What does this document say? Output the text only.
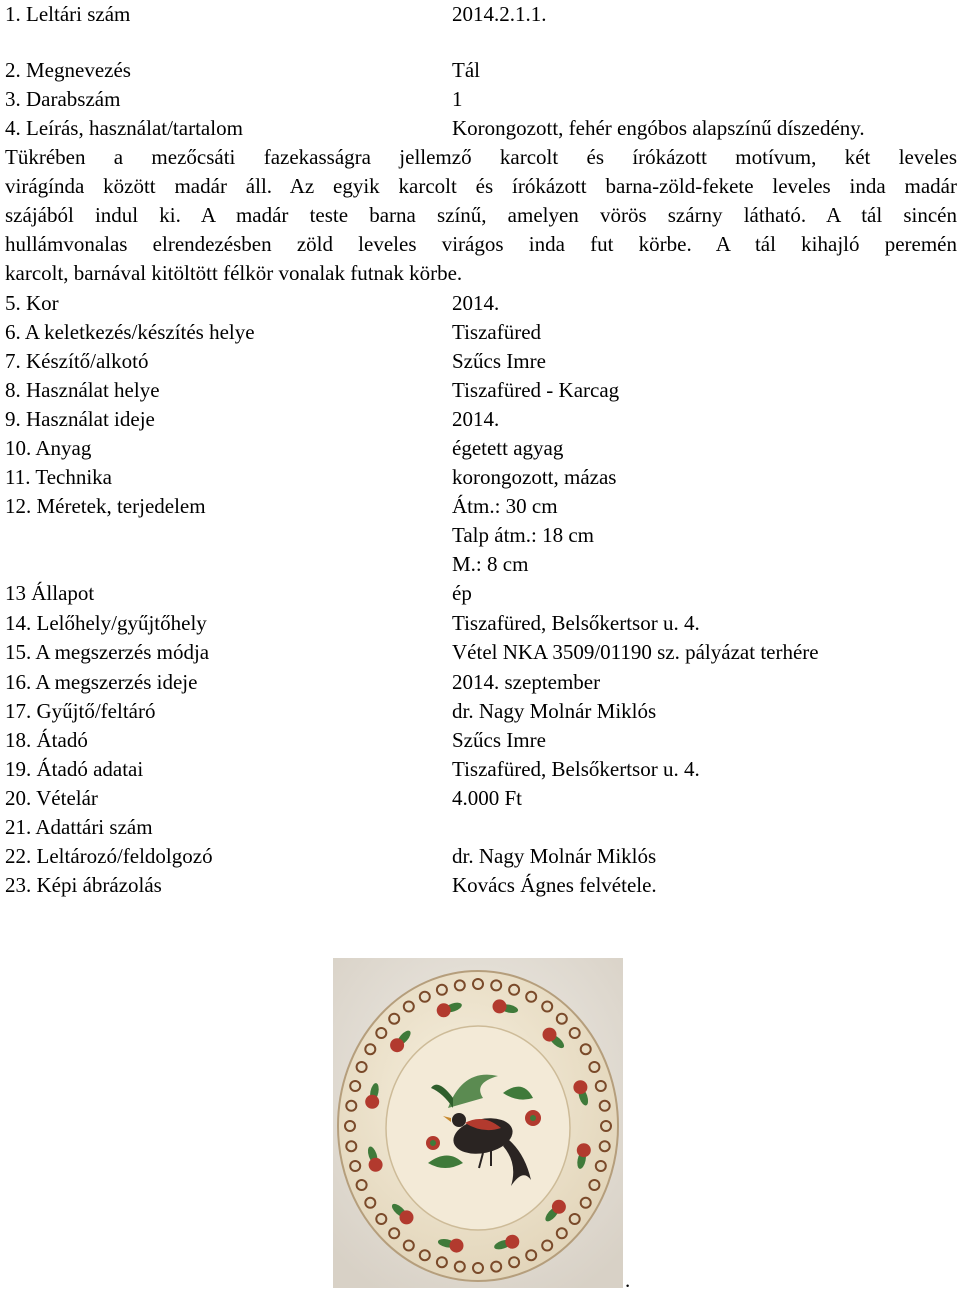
1. Leltári szám	2014.2.1.1.
2. Megnevezés	Tál
3. Darabszám	1
4. Leírás, használat/tartalom	Korongozott, fehér engóbos alapszínű díszedény.
Tükrében a mezőcsáti fazekasságra jellemző karcolt és írókázott motívum, két leveles
virágínda között madár áll. Az egyik karcolt és írókázott barna-zöld-fekete leveles inda madár
szájából indul ki. A madár teste barna színű, amelyen vörös szárny látható. A tál sincén
hullámvonalas elrendezésben zöld leveles virágos inda fut körbe. A tál kihajló peremén
karcolt, barnával kitöltött félkör vonalak futnak körbe.
5. Kor	2014.
6. A keletkezés/készítés helye	Tiszafüred
7. Készítő/alkotó	Szűcs Imre
8. Használat helye	Tiszafüred - Karcag
9. Használat ideje	2014.
10. Anyag	égetett agyag
11. Technika	korongozott, mázas
12. Méretek, terjedelem	Átm.: 30 cm
Talp átm.: 18 cm
M.: 8 cm
13 Állapot	ép
14. Lelőhely/gyűjtőhely	Tiszafüred, Belsőkertsor u. 4.
15. A megszerzés módja	Vétel NKA 3509/01190 sz. pályázat terhére
16. A megszerzés ideje	2014. szeptember
17. Gyűjtő/feltáró	dr. Nagy Molnár Miklós
18. Átadó	Szűcs Imre
19. Átadó adatai	Tiszafüred, Belsőkertsor u. 4.
20. Vételár	4.000 Ft
21. Adattári szám
22. Leltározó/feldolgozó	dr. Nagy Molnár Miklós
23. Képi ábrázolás	Kovács Ágnes felvétele.
.
